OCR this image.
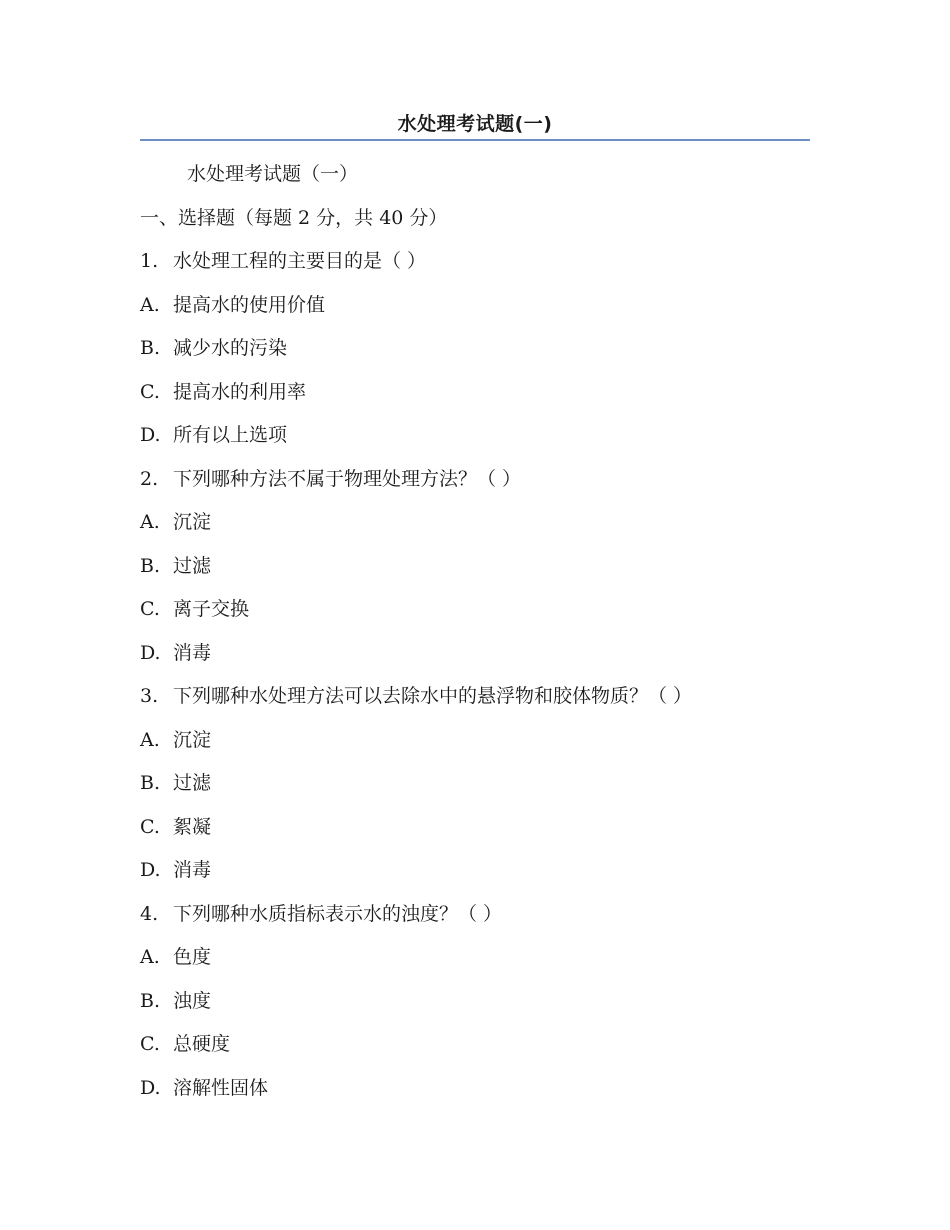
水处理考试题(一)
水处理考试题（一）
一、选择题（每题 2 分，共 40 分）
1. 水处理工程的主要目的是（ ）
A. 提高水的使用价值
B. 减少水的污染
C. 提高水的利用率
D. 所有以上选项
2. 下列哪种方法不属于物理处理方法？（ ）
A. 沉淀
B. 过滤
C. 离子交换
D. 消毒
3. 下列哪种水处理方法可以去除水中的悬浮物和胶体物质？（ ）
A. 沉淀
B. 过滤
C. 絮凝
D. 消毒
4. 下列哪种水质指标表示水的浊度？（ ）
A. 色度
B. 浊度
C. 总硬度
D. 溶解性固体
